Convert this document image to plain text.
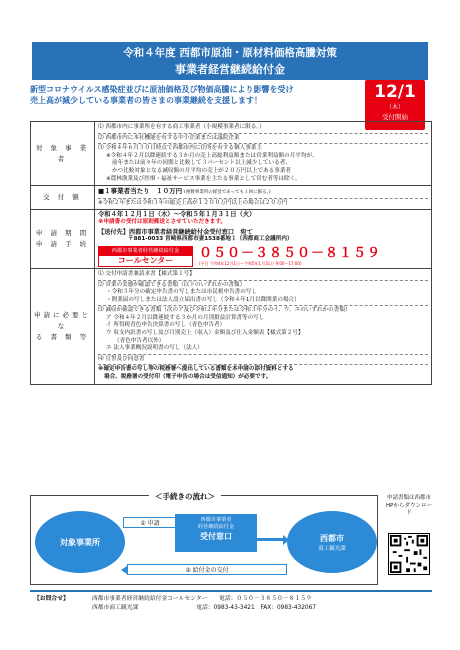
令和４年度 西都市原油・原材料価格高騰対策
事業者経営継続給付金
新型コロナウイルス感染症並びに原油価格及び物価高騰により影響を受け
売上高が減少している事業者の皆さまの事業継続を支援します！	12/1
（木）
受付開始
対 象 事 業 者
⑴ 西都市内に事業所を有する商工事業者（小規模事業者に限る。）
⑵ 西都市内に本社機能を有する中小企業または議院企業
⑶ 令和４年６月３０日時点で西都市内に住所を有する個人事業主
※令和４年２月以降連続する３か月の売上高総利益額または営業利益額の月平均が、
前年または前々年の同期と比較して３パーセント以上減少している者、
かつ比較対象となる減収額の月平均の売上が２０万円以上である事業者
※農林漁業及び医療・福祉サービス事業を主たる事業として営む者等は除く。
交 付 額
■１事業者当たり　１０万円 (複数事業所の経営であっても１回に限る。)
※令和２年または令和３年の総売上高が１２００万円以上の場合は２０万円
申 請 期 間
申 請 手 続
令和４年１２月１日（木）～令和５年１月３１日（火）
※申請書の受付は原則郵送とさせていただきます。
【送付先】西都市事業者経営継続給付金受付窓口　宛て
〒881-0033 宮崎県西都市妻1538番地１（西都商工会議所内）
西都市事業者経営継続給付金
コールセンター	０５０－３８５０－８１５９
(平日 令和4年12月1日～令和5年1月31日 9:00～17:00)
申請に必要とな
る 書 類 等
⑴ 交付申請書兼請求書【様式第１号】
⑵ 営業の実態が確認できる書類（以下のいずれかの書類）
・令和３年分の確定申告書の写しまたは市民税申告書の写し
・開業届の写しまたは法人設立届出書の写し（令和４年1月以降開業の場合）
⑶ 減収が確認できる書類（次のア及び令和２年分または令和３年分のイ、ウ、エのいずれかの書類）
ア 令和４年２月以降連続する３か月の月別損益計算書等の写し
イ 所得税青色申告決算書の写し（青色申告者）
ウ 収支内訳書の写し及び月別売上（収入）金額及び仕入金額表【様式第２号】
（青色申告者以外）
エ 法人事業概況説明書の写し（法人）
⑷ 宣誓及び同意書
※確定申告書の写し等の税務署へ提出している書類を本申請の添付資料とする
場合、税務署の受付印（電子申告の場合は受信通知）が必要です。
＜手続きの流れ＞
対象事業所
① 申請	西都市事業者
経営継続給付金
受付窓口	西都市
商工観光課
② 給付金の交付
申請書類は西都市HPからダウンロード
【お問合せ】	西都市事業者経営継続給付金コールセンター　　電話：０５０－３８５０－８１５９
西都市商工観光課　　　　　　　　　　電話：0983-43-3421　FAX：0983-432067
